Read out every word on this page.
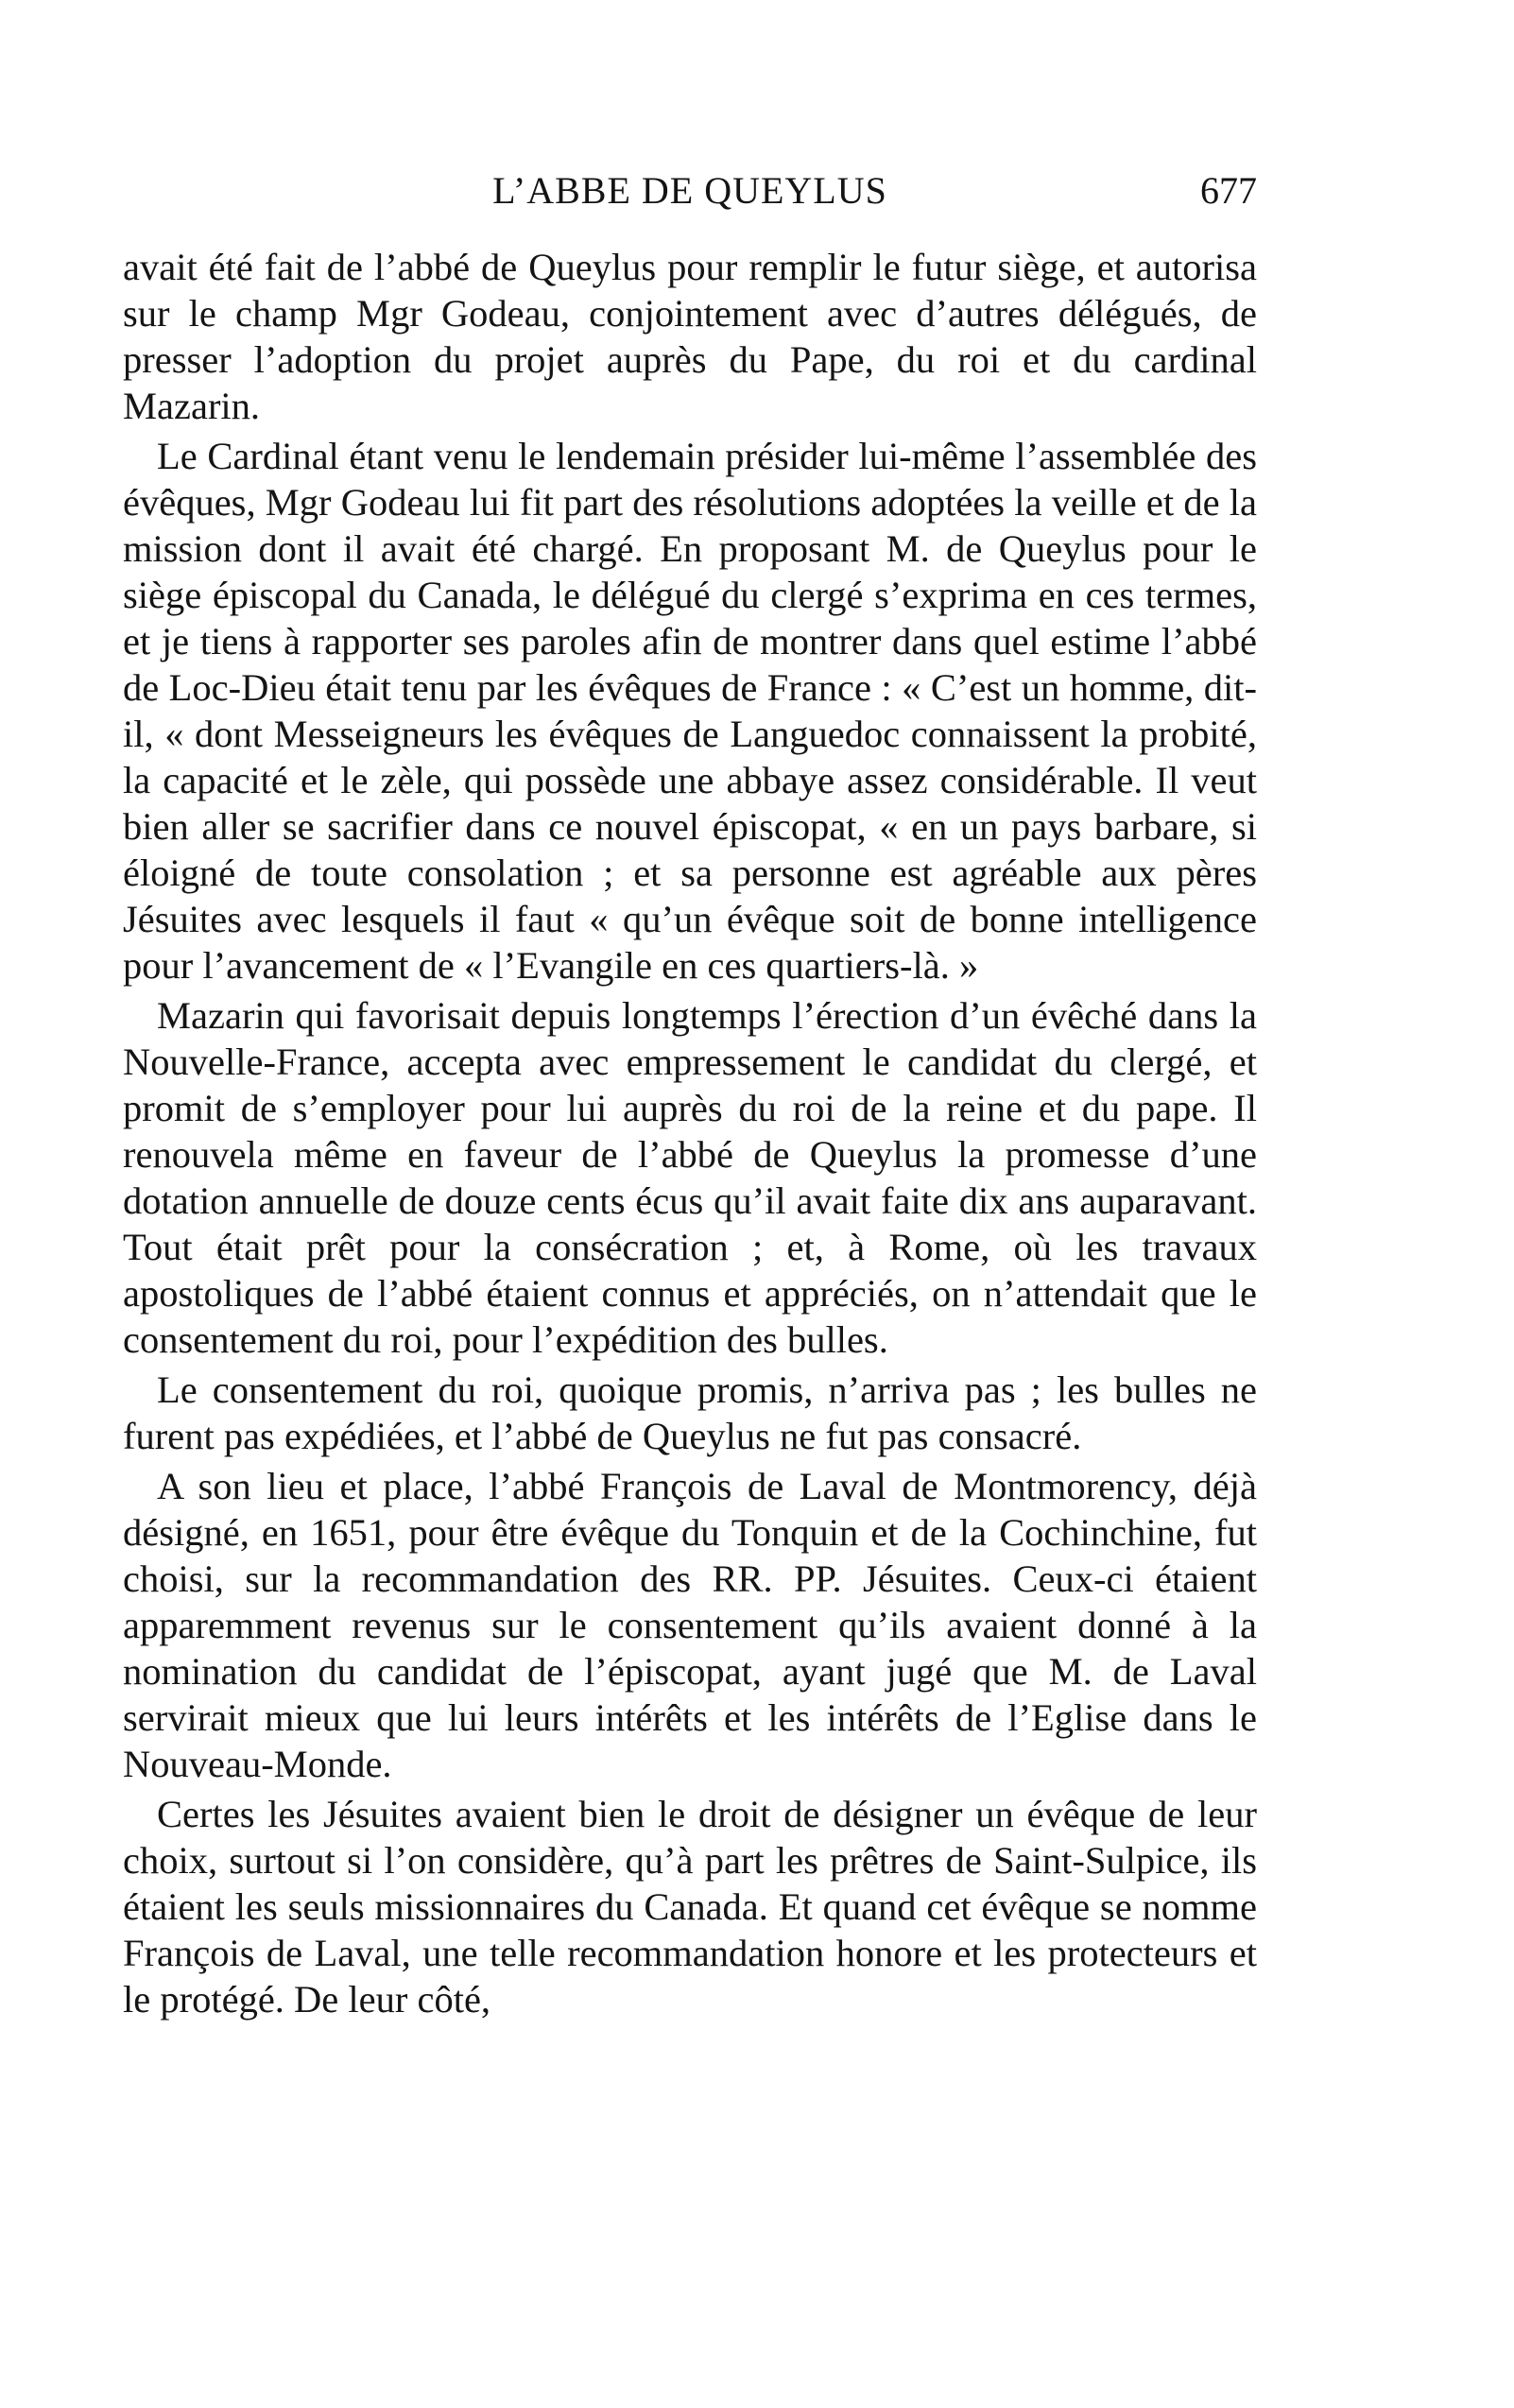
L’ABBE DE QUEYLUS	677

avait été fait de l’abbé de Queylus pour remplir le futur siège, et autorisa sur le champ Mgr Godeau, conjointement avec d’autres délégués, de presser l’adoption du projet auprès du Pape, du roi et du cardinal Mazarin.

Le Cardinal étant venu le lendemain présider lui-même l’assemblée des évêques, Mgr Godeau lui fit part des résolutions adoptées la veille et de la mission dont il avait été chargé. En proposant M. de Queylus pour le siège épiscopal du Canada, le délégué du clergé s’exprima en ces termes, et je tiens à rapporter ses paroles afin de montrer dans quel estime l’abbé de Loc-Dieu était tenu par les évêques de France : « C’est un homme, dit-il, « dont Messeigneurs les évêques de Languedoc connaissent la probité, la capacité et le zèle, qui possède une abbaye assez considérable. Il veut bien aller se sacrifier dans ce nouvel épiscopat, « en un pays barbare, si éloigné de toute consolation ; et sa personne est agréable aux pères Jésuites avec lesquels il faut « qu’un évêque soit de bonne intelligence pour l’avancement de « l’Evangile en ces quartiers-là. »

Mazarin qui favorisait depuis longtemps l’érection d’un évêché dans la Nouvelle-France, accepta avec empressement le candidat du clergé, et promit de s’employer pour lui auprès du roi de la reine et du pape. Il renouvela même en faveur de l’abbé de Queylus la promesse d’une dotation annuelle de douze cents écus qu’il avait faite dix ans auparavant. Tout était prêt pour la consécration ; et, à Rome, où les travaux apostoliques de l’abbé étaient connus et appréciés, on n’attendait que le consentement du roi, pour l’expédition des bulles.

Le consentement du roi, quoique promis, n’arriva pas ; les bulles ne furent pas expédiées, et l’abbé de Queylus ne fut pas consacré.

A son lieu et place, l’abbé François de Laval de Montmorency, déjà désigné, en 1651, pour être évêque du Tonquin et de la Cochinchine, fut choisi, sur la recommandation des RR. PP. Jésuites. Ceux-ci étaient apparemment revenus sur le consentement qu’ils avaient donné à la nomination du candidat de l’épiscopat, ayant jugé que M. de Laval servirait mieux que lui leurs intérêts et les intérêts de l’Eglise dans le Nouveau-Monde.

Certes les Jésuites avaient bien le droit de désigner un évêque de leur choix, surtout si l’on considère, qu’à part les prêtres de Saint-Sulpice, ils étaient les seuls missionnaires du Canada. Et quand cet évêque se nomme François de Laval, une telle recommandation honore et les protecteurs et le protégé. De leur côté,
